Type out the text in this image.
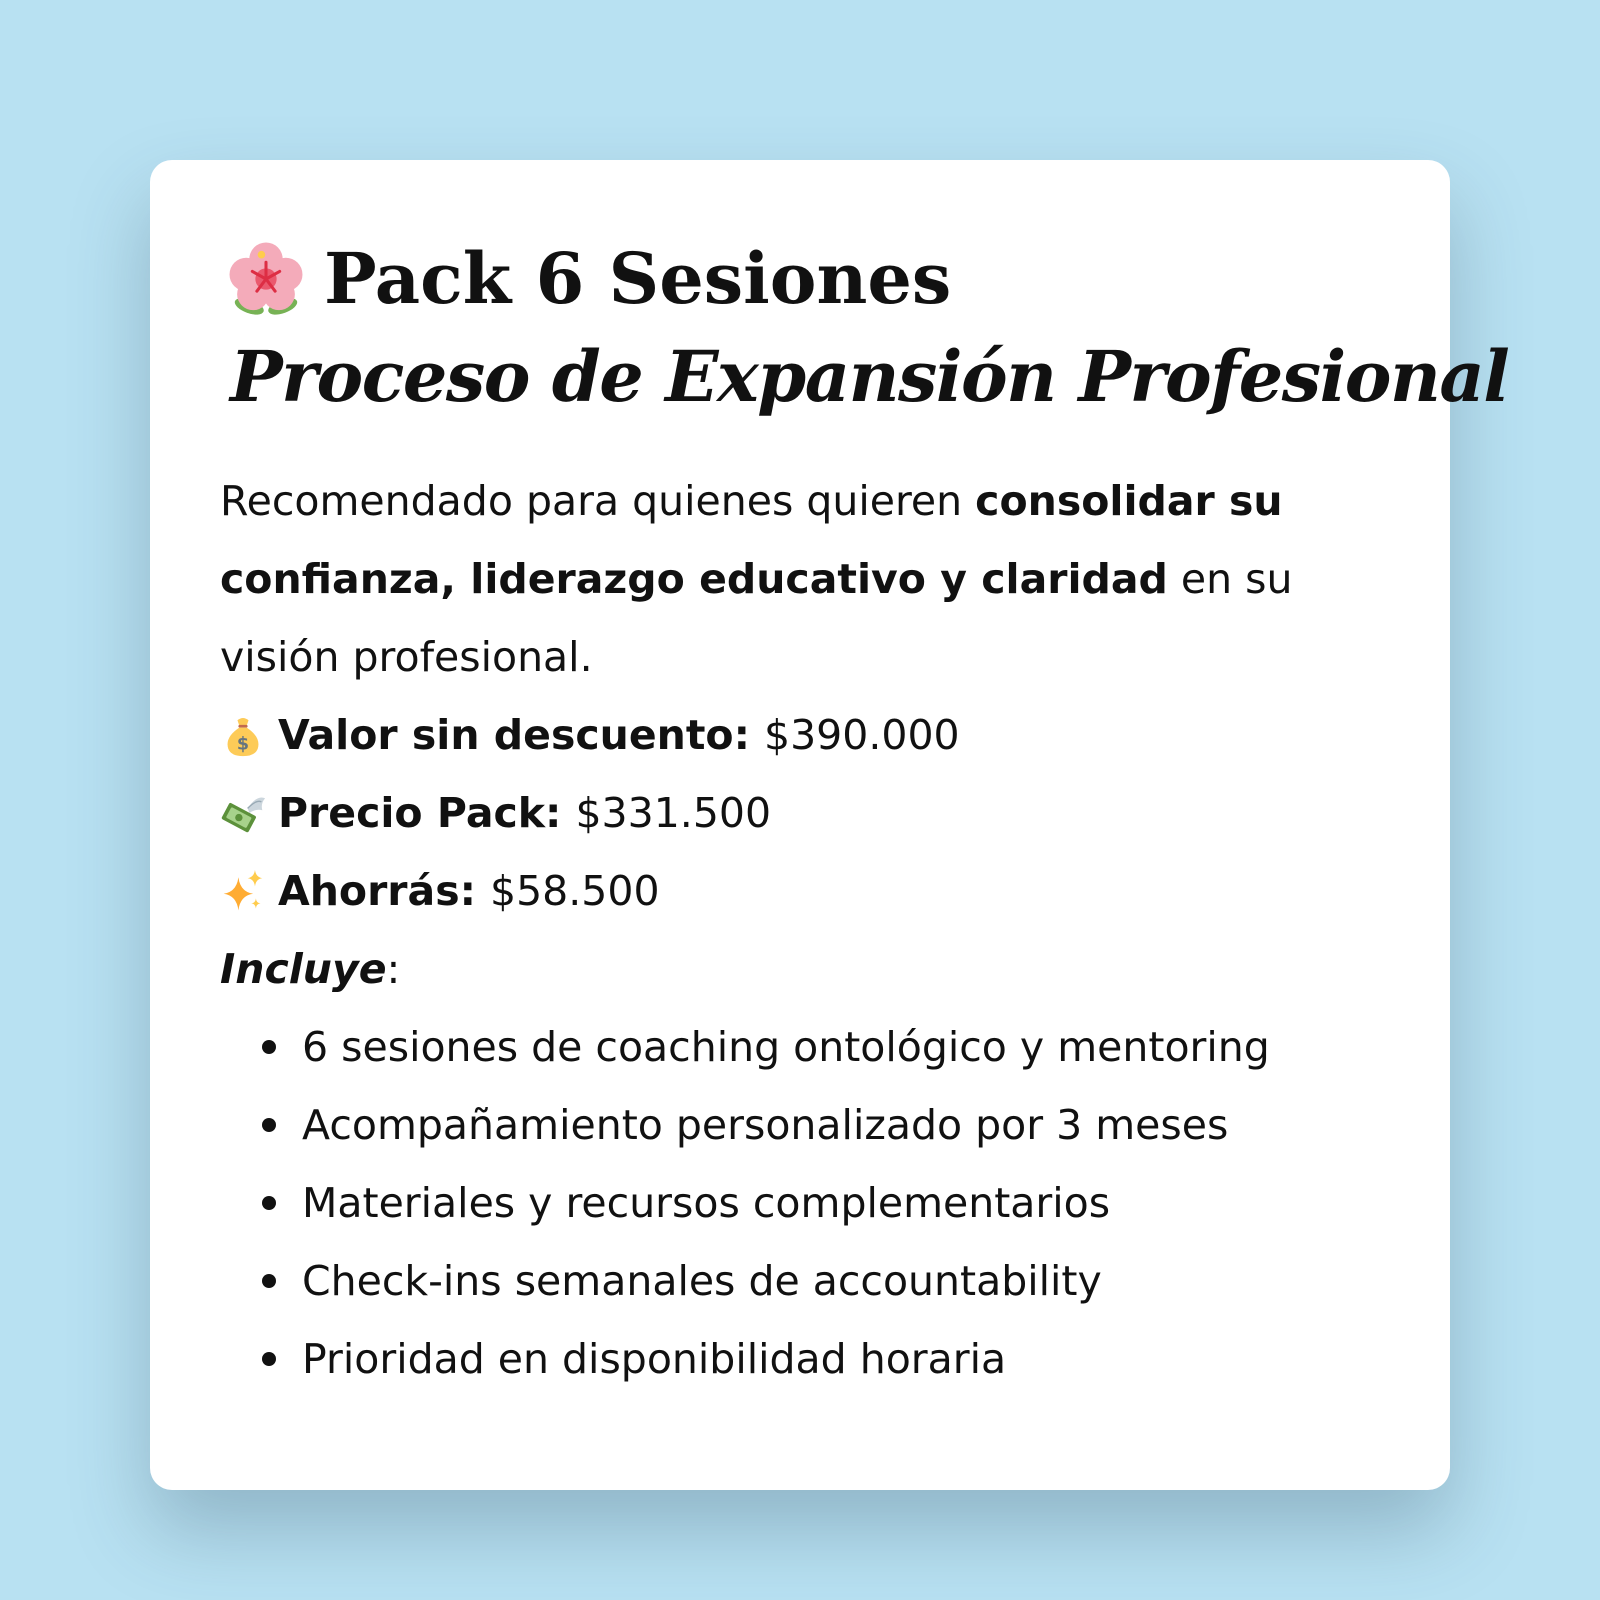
Pack 6 Sesiones
Proceso de Expansión Profesional

Recomendado para quienes quieren consolidar su confianza, liderazgo educativo y claridad en su visión profesional.

$ Valor sin descuento: $390.000
Precio Pack: $331.500
Ahorrás: $58.500

Incluye:

6 sesiones de coaching ontológico y mentoring
Acompañamiento personalizado por 3 meses
Materiales y recursos complementarios
Check-ins semanales de accountability
Prioridad en disponibilidad horaria
